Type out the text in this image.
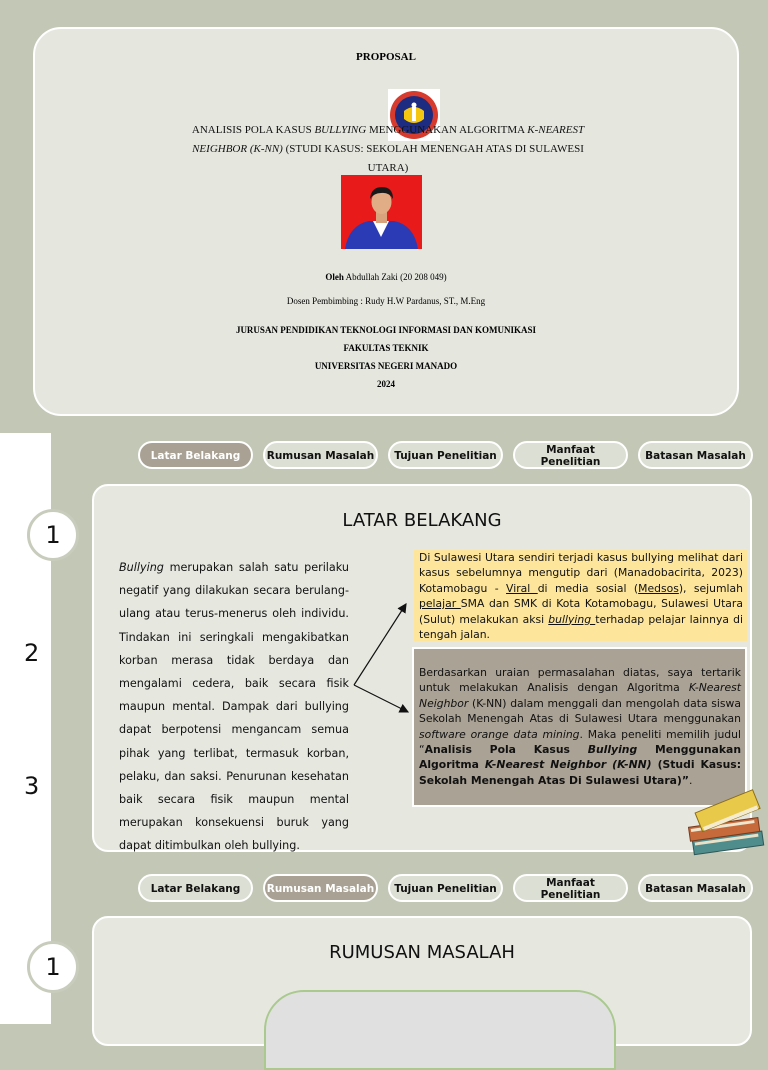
PROPOSAL
ANALISIS POLA KASUS BULLYING MENGGUNAKAN ALGORITMA K-NEAREST NEIGHBOR (K-NN) (STUDI KASUS: SEKOLAH MENENGAH ATAS DI SULAWESI UTARA)
Oleh Abdullah Zaki (20 208 049)
Dosen Pembimbing : Rudy H.W Pardanus, ST., M.Eng
JURUSAN PENDIDIKAN TEKNOLOGI INFORMASI DAN KOMUNIKASI
FAKULTAS TEKNIK
UNIVERSITAS NEGERI MANADO
2024
1
2
3
1
Latar Belakang	Rumusan Masalah	Tujuan Penelitian	Manfaat Penelitian	Batasan Masalah
LATAR BELAKANG
Bullying merupakan salah satu perilaku negatif yang dilakukan secara berulang-ulang atau terus-menerus oleh individu. Tindakan ini seringkali mengakibatkan korban merasa tidak berdaya dan mengalami cedera, baik secara fisik maupun mental. Dampak dari bullying dapat berpotensi mengancam semua pihak yang terlibat, termasuk korban, pelaku, dan saksi. Penurunan kesehatan baik secara fisik maupun mental merupakan konsekuensi buruk yang dapat ditimbulkan oleh bullying.
Di Sulawesi Utara sendiri terjadi kasus bullying melihat dari kasus sebelumnya mengutip dari (Manadobacirita, 2023) Kotamobagu - Viral di media sosial (Medsos), sejumlah pelajar SMA dan SMK di Kota Kotamobagu, Sulawesi Utara (Sulut) melakukan aksi bullying terhadap pelajar lainnya di tengah jalan.
Berdasarkan uraian permasalahan diatas, saya tertarik untuk melakukan Analisis dengan Algoritma K-Nearest Neighbor (K-NN) dalam menggali dan mengolah data siswa Sekolah Menengah Atas di Sulawesi Utara menggunakan software orange data mining. Maka peneliti memilih judul “Analisis Pola Kasus Bullying Menggunakan Algoritma K-Nearest Neighbor (K-NN) (Studi Kasus: Sekolah Menengah Atas Di Sulawesi Utara)”.
Latar Belakang	Rumusan Masalah	Tujuan Penelitian	Manfaat Penelitian	Batasan Masalah
RUMUSAN MASALAH
